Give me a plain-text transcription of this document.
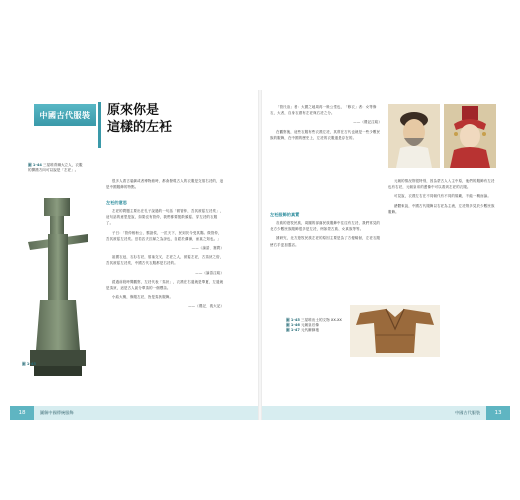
中國古代服裝	原來你是
這樣的左衽
圖 1-44 三星堆青銅大立人，衣服
的開襟方向可以說是「左衽」。
圖 1-45

很多人看古裝劇或者博物館時，都會發現古人的衣服是交領右衽的，這是中國服飾的特點。

左衽的意思

左衽的問題主要出在孔子說過的一句話「微管仲，吾其被髮左衽矣」，這句話的意思是說，如果沒有管仲，我們都要披散頭髮、穿左衽的衣服了。

子曰：「管仲相桓公，霸諸侯，一匡天下，民到於今受其賜。微管仲，吾其被髮左衽矣。豈若匹夫匹婦之為諒也，自經於溝瀆，而莫之知也。」

——《論語．憲問》

祖國衣冠，衣衫右衽，領袖交叉，左衽之人，被髮左衽，古夷狄之俗，吾其被髮左衽矣，中國古代衣服都是右衽的。

——《論語注疏》

經過前段時間觀察，左衽代表「夷狄」，衣襟在右邊就是華夏，左邊就是夷狄，這是古人區分華夷的一個標誌。

小結大概，修服左衽，皆是夷狄服飾。

——《禮記．喪大記》

「管氏治」者：大國之地周再一般公堂也，「修衣」者：女等修衣，大者，自身衣襟有左衽與右衽之分。

——《禮記注疏》

在觀察後，這些衣服有些衣襟左衽，其實在古代也就是一些少數民族的服飾，在中國的歷史上，左衽的衣服還是存在的。

左衽服飾的真實

各族的遊牧民族，周圍的部落民族服飾中往往有左衽，我們常見的北方少數民族服飾很多是左衽，例如蒙古族、女真族等等。

據研究，北方遊牧民族左衽的原因主要是為了方便騎射，左衽衣服使右手更加靈活。

元朝的情況則很特別，因為蒙古人入主中原，他們的服飾有左衽也有右衽，元朝皇帝的畫像中可以看到左衽的衣服。

可見說，衣襟左右在不同朝代有不同的規範，不能一概而論。

總體來說，中國古代服飾以右衽為主流，左衽則多見於少數民族服飾。

圖 1-45 三星堆出土的文物 XX.XX
圖 1-46 元朝皇后像
圖 1-47 元代辮線袍
18	13
圖解中國傳統服飾	中國古代服裝
